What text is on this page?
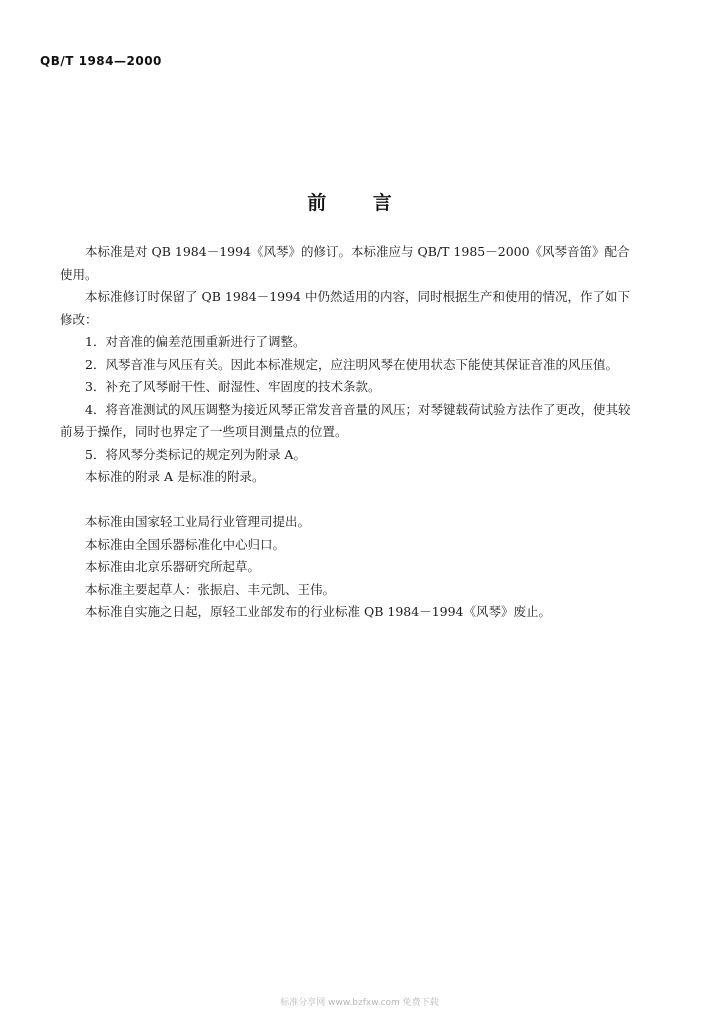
QB/T 1984—2000
前 言

本标准是对 QB 1984－1994《风琴》的修订。本标准应与 QB/T 1985－2000《风琴音笛》配合使用。

本标准修订时保留了 QB 1984－1994 中仍然适用的内容，同时根据生产和使用的情况，作了如下修改：

1．对音准的偏差范围重新进行了调整。

2．风琴音准与风压有关。因此本标准规定，应注明风琴在使用状态下能使其保证音准的风压值。

3．补充了风琴耐干性、耐湿性、牢固度的技术条款。

4．将音准测试的风压调整为接近风琴正常发音音量的风压；对琴键载荷试验方法作了更改，使其较前易于操作，同时也界定了一些项目测量点的位置。

5．将风琴分类标记的规定列为附录 A。

本标准的附录 A 是标准的附录。

本标准由国家轻工业局行业管理司提出。

本标准由全国乐器标准化中心归口。

本标准由北京乐器研究所起草。

本标准主要起草人：张振启、丰元凯、王伟。

本标准自实施之日起，原轻工业部发布的行业标准 QB 1984－1994《风琴》废止。

标准分享网 www.bzfxw.com 免费下载
